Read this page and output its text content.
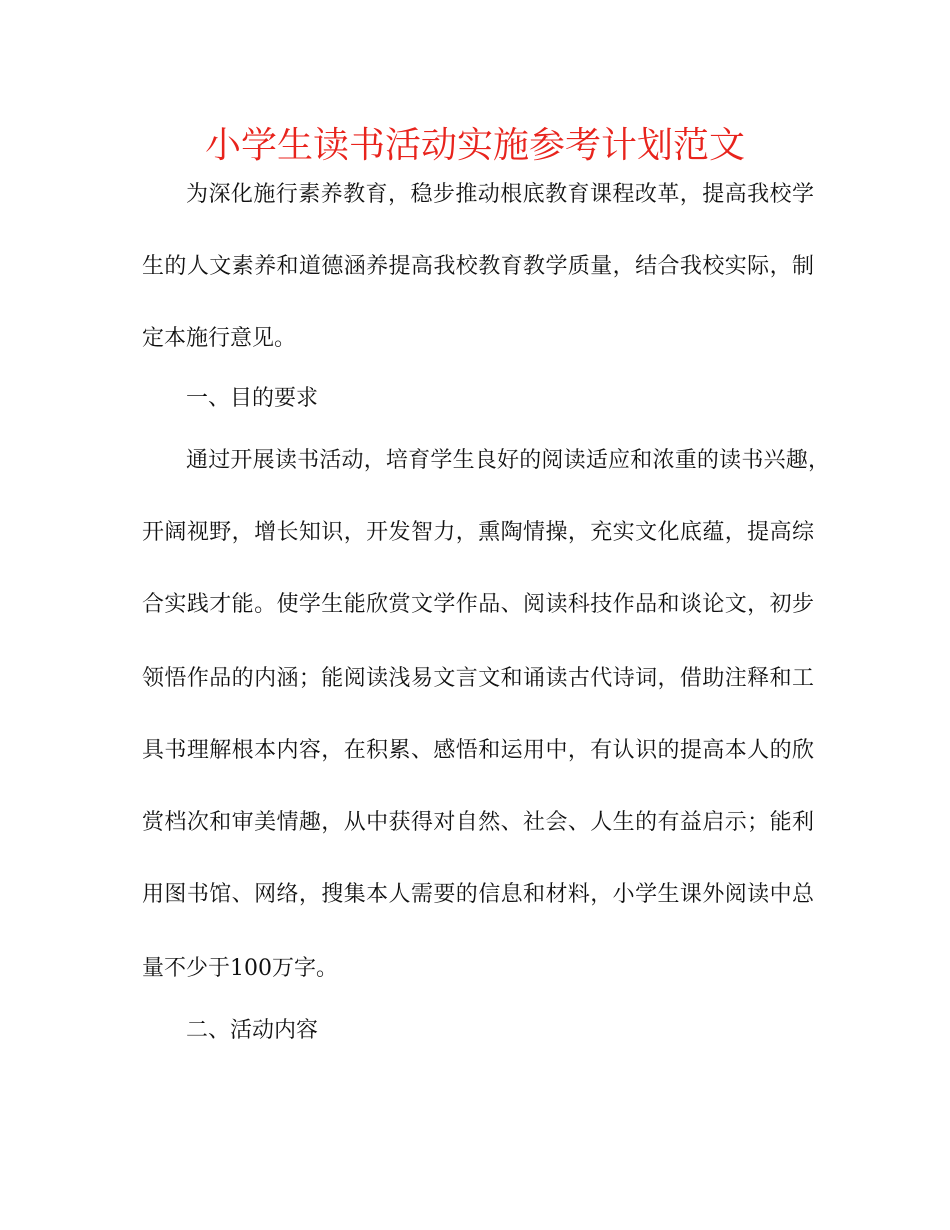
小学生读书活动实施参考计划范文
为深化施行素养教育，稳步推动根底教育课程改革，提高我校学
生的人文素养和道德涵养提高我校教育教学质量，结合我校实际，制
定本施行意见。
一、目的要求
通过开展读书活动，培育学生良好的阅读适应和浓重的读书兴趣，
开阔视野，增长知识，开发智力，熏陶情操，充实文化底蕴，提高综
合实践才能。使学生能欣赏文学作品、阅读科技作品和谈论文，初步
领悟作品的内涵；能阅读浅易文言文和诵读古代诗词，借助注释和工
具书理解根本内容，在积累、感悟和运用中，有认识的提高本人的欣
赏档次和审美情趣，从中获得对自然、社会、人生的有益启示；能利
用图书馆、网络，搜集本人需要的信息和材料，小学生课外阅读中总
量不少于100万字。
二、活动内容
